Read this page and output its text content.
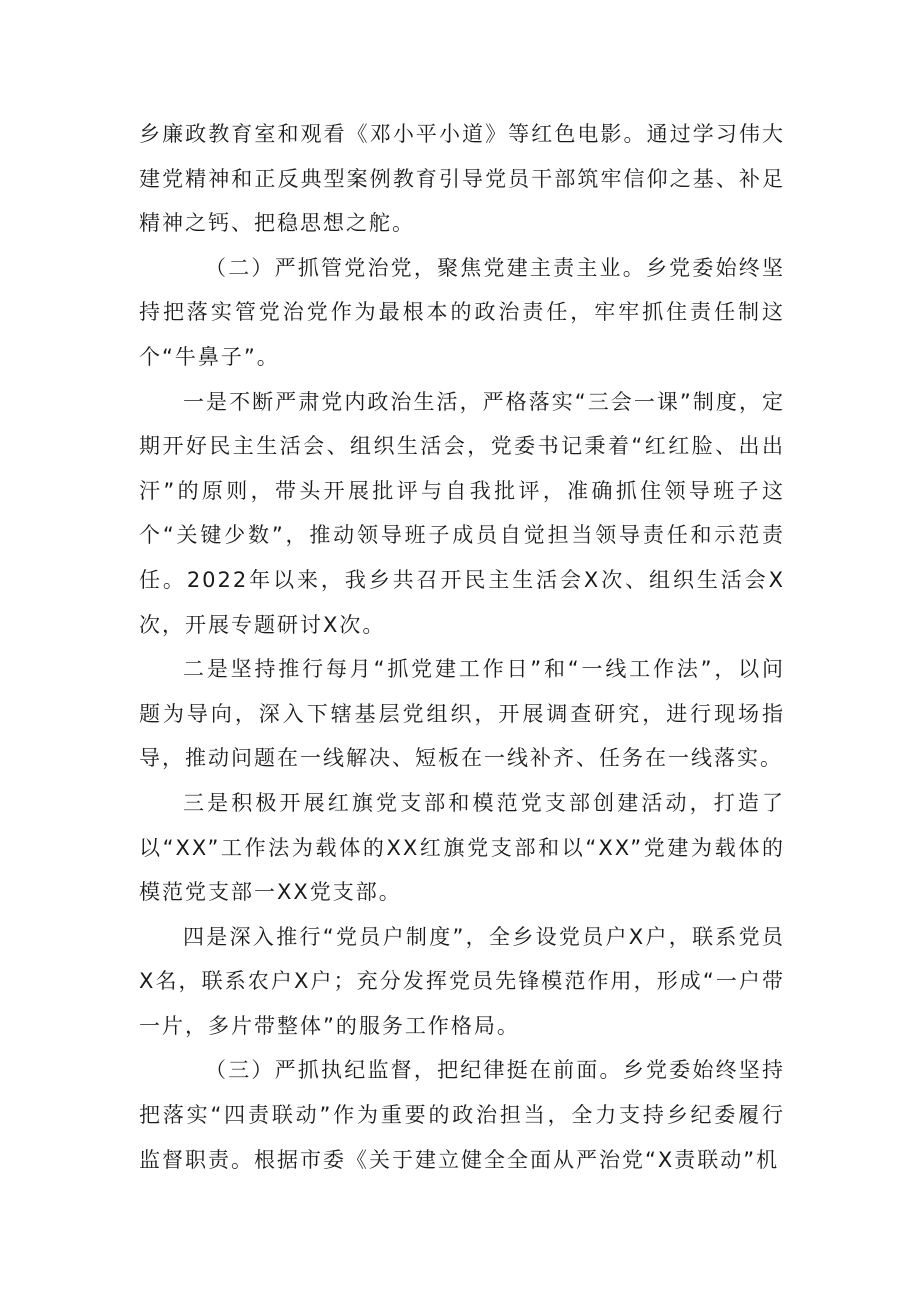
乡廉政教育室和观看《邓小平小道》等红色电影。通过学习伟大建党精神和正反典型案例教育引导党员干部筑牢信仰之基、补足精神之钙、把稳思想之舵。

（二）严抓管党治党，聚焦党建主责主业。乡党委始终坚持把落实管党治党作为最根本的政治责任，牢牢抓住责任制这个“牛鼻子”。

一是不断严肃党内政治生活，严格落实“三会一课”制度，定期开好民主生活会、组织生活会，党委书记秉着“红红脸、出出汗”的原则，带头开展批评与自我批评，准确抓住领导班子这个“关键少数”，推动领导班子成员自觉担当领导责任和示范责任。2022年以来，我乡共召开民主生活会X次、组织生活会X次，开展专题研讨X次。

二是坚持推行每月“抓党建工作日”和“一线工作法”，以问题为导向，深入下辖基层党组织，开展调查研究，进行现场指导，推动问题在一线解决、短板在一线补齐、任务在一线落实。

三是积极开展红旗党支部和模范党支部创建活动，打造了以“XX”工作法为载体的XX红旗党支部和以“XX”党建为载体的模范党支部一XX党支部。

四是深入推行“党员户制度”，全乡设党员户X户，联系党员X名，联系农户X户；充分发挥党员先锋模范作用，形成“一户带一片，多片带整体”的服务工作格局。

（三）严抓执纪监督，把纪律挺在前面。乡党委始终坚持把落实“四责联动”作为重要的政治担当，全力支持乡纪委履行监督职责。根据市委《关于建立健全全面从严治党“X责联动”机
